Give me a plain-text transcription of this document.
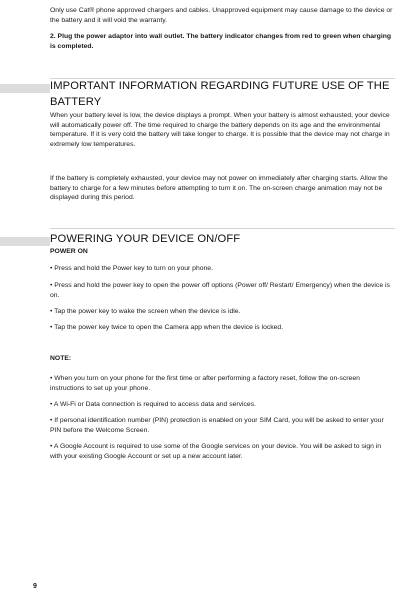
Only use Cat® phone approved chargers and cables. Unapproved equipment may cause damage to the device or the battery and it will void the warranty.

2. Plug the power adaptor into wall outlet. The battery indicator changes from red to green when charging is completed.

IMPORTANT INFORMATION REGARDING FUTURE USE OF THE BATTERY

When your battery level is low, the device displays a prompt. When your battery is almost exhausted, your device will automatically power off. The time required to charge the battery depends on its age and the environmental temperature. If it is very cold the battery will take longer to charge. It is possible that the device may not charge in extremely low temperatures.

If the battery is completely exhausted, your device may not power on immediately after charging starts. Allow the battery to charge for a few minutes before attempting to turn it on. The on-screen charge animation may not be displayed during this period.

POWERING YOUR DEVICE ON/OFF

POWER ON

• Press and hold the Power key to turn on your phone.

• Press and hold the power key to open the power off options (Power off/ Restart/ Emergency) when the device is on.

• Tap the power key to wake the screen when the device is idle.

• Tap the power key twice to open the Camera app when the device is locked.

NOTE:

• When you turn on your phone for the first time or after performing a factory reset, follow the on-screen instructions to set up your phone.

• A Wi-Fi or Data connection is required to access data and services.

• If personal identification number (PIN) protection is enabled on your SIM Card, you will be asked to enter your PIN before the Welcome Screen.

• A Google Account is required to use some of the Google services on your device. You will be asked to sign in with your existing Google Account or set up a new account later.

9
